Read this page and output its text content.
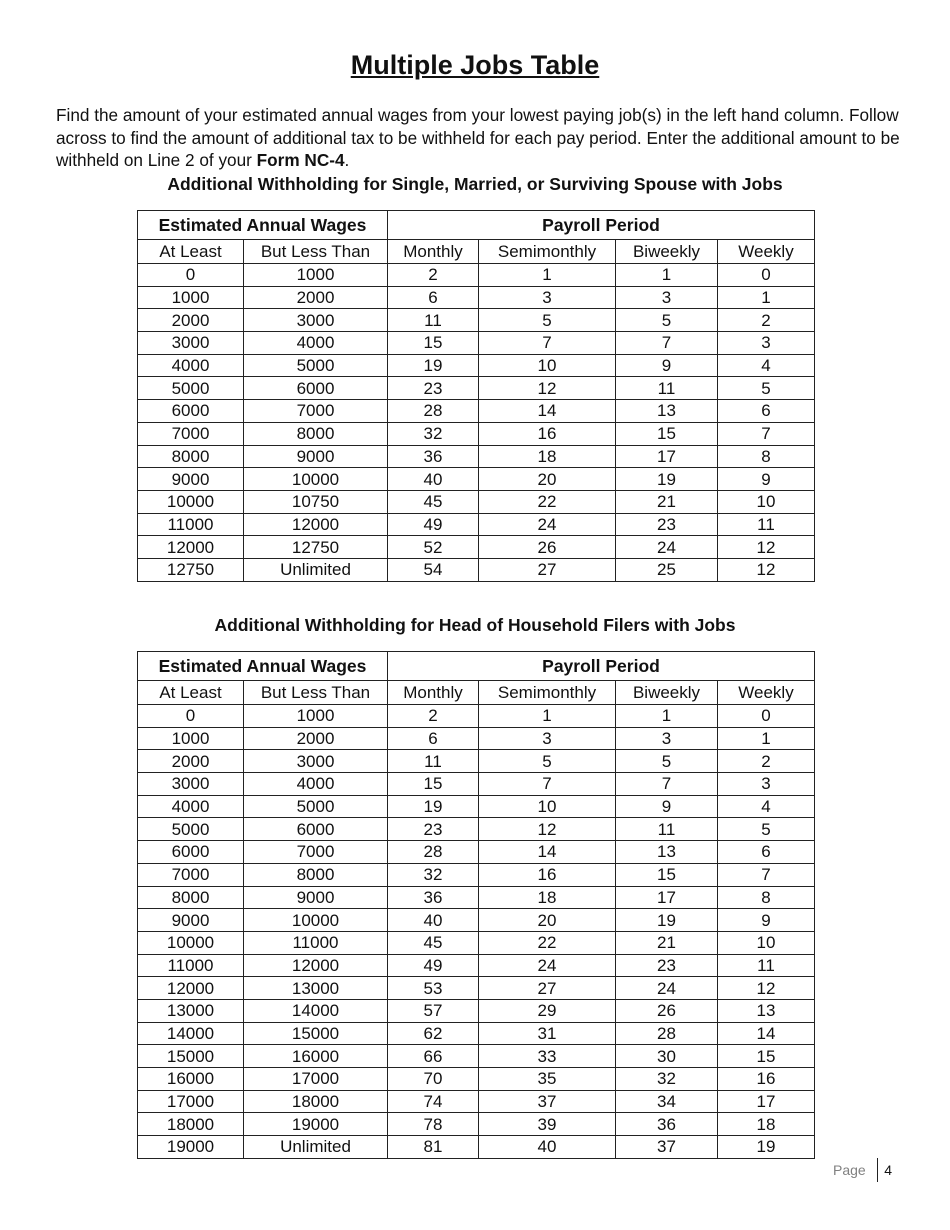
Multiple Jobs Table

Find the amount of your estimated annual wages from your lowest paying job(s) in the left hand column. Follow across to find the amount of additional tax to be withheld for each pay period. Enter the additional amount to be withheld on Line 2 of your Form NC-4.

Additional Withholding for Single, Married, or Surviving Spouse with Jobs
Estimated Annual Wages		Payroll Period			
At Least	But Less Than	Monthly	Semimonthly	Biweekly	Weekly
0	1000	2	1	1	0
1000	2000	6	3	3	1
2000	3000	11	5	5	2
3000	4000	15	7	7	3
4000	5000	19	10	9	4
5000	6000	23	12	11	5
6000	7000	28	14	13	6
7000	8000	32	16	15	7
8000	9000	36	18	17	8
9000	10000	40	20	19	9
10000	10750	45	22	21	10
11000	12000	49	24	23	11
12000	12750	52	26	24	12
12750	Unlimited	54	27	25	12
Additional Withholding for Head of Household Filers with Jobs
Estimated Annual Wages		Payroll Period			
At Least	But Less Than	Monthly	Semimonthly	Biweekly	Weekly
0	1000	2	1	1	0
1000	2000	6	3	3	1
2000	3000	11	5	5	2
3000	4000	15	7	7	3
4000	5000	19	10	9	4
5000	6000	23	12	11	5
6000	7000	28	14	13	6
7000	8000	32	16	15	7
8000	9000	36	18	17	8
9000	10000	40	20	19	9
10000	11000	45	22	21	10
11000	12000	49	24	23	11
12000	13000	53	27	24	12
13000	14000	57	29	26	13
14000	15000	62	31	28	14
15000	16000	66	33	30	15
16000	17000	70	35	32	16
17000	18000	74	37	34	17
18000	19000	78	39	36	18
19000	Unlimited	81	40	37	19
Page 4
